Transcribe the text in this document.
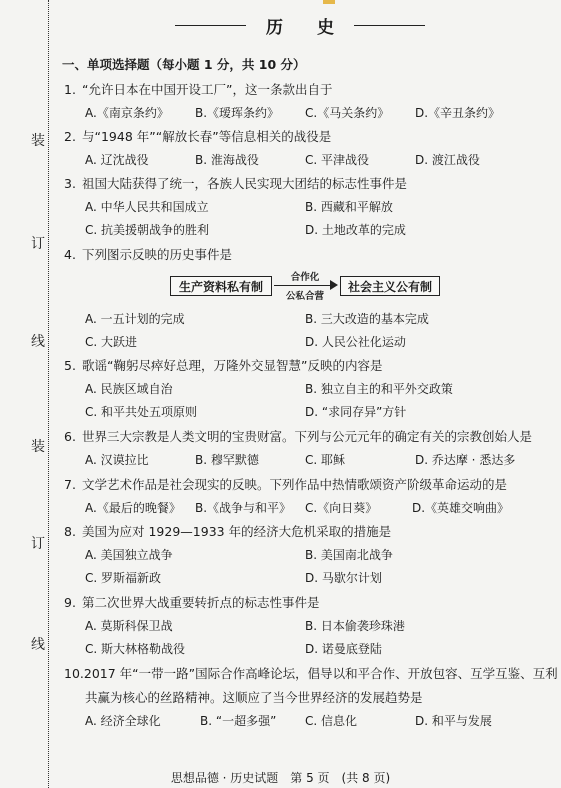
装
订
线
装
订
线
历 史
一、单项选择题（每小题 1 分，共 10 分）
1. “允许日本在中国开设工厂”，这一条款出自于
A.《南京条约》 B.《瑷珲条约》 C.《马关条约》 D.《辛丑条约》
2. 与“1948 年”“解放长春”等信息相关的战役是
A. 辽沈战役	B. 淮海战役	C. 平津战役	D. 渡江战役
3. 祖国大陆获得了统一，各族人民实现大团结的标志性事件是
A. 中华人民共和国成立	B. 西藏和平解放
C. 抗美援朝战争的胜利	D. 土地改革的完成
4. 下列图示反映的历史事件是
生产资料私有制
合作化
公私合营
社会主义公有制
A. 一五计划的完成	B. 三大改造的基本完成
C. 大跃进	D. 人民公社化运动
5. 歌谣“鞠躬尽瘁好总理，万隆外交显智慧”反映的内容是
A. 民族区域自治	B. 独立自主的和平外交政策
C. 和平共处五项原则	D. “求同存异”方针
6. 世界三大宗教是人类文明的宝贵财富。下列与公元元年的确定有关的宗教创始人是
A. 汉谟拉比	B. 穆罕默德	C. 耶稣	D. 乔达摩 · 悉达多
7. 文学艺术作品是社会现实的反映。下列作品中热情歌颂资产阶级革命运动的是
A.《最后的晚餐》 B.《战争与和平》 C.《向日葵》	D.《英雄交响曲》
8. 美国为应对 1929—1933 年的经济大危机采取的措施是
A. 美国独立战争	B. 美国南北战争
C. 罗斯福新政	D. 马歇尔计划
9. 第二次世界大战重要转折点的标志性事件是
A. 莫斯科保卫战	B. 日本偷袭珍珠港
C. 斯大林格勒战役	D. 诺曼底登陆
10.2017 年“一带一路”国际合作高峰论坛，倡导以和平合作、开放包容、互学互鉴、互利
共赢为核心的丝路精神。这顺应了当今世界经济的发展趋势是
A. 经济全球化	B. “一超多强” C. 信息化	D. 和平与发展
思想品德 · 历史试题　第 5 页　(共 8 页)
